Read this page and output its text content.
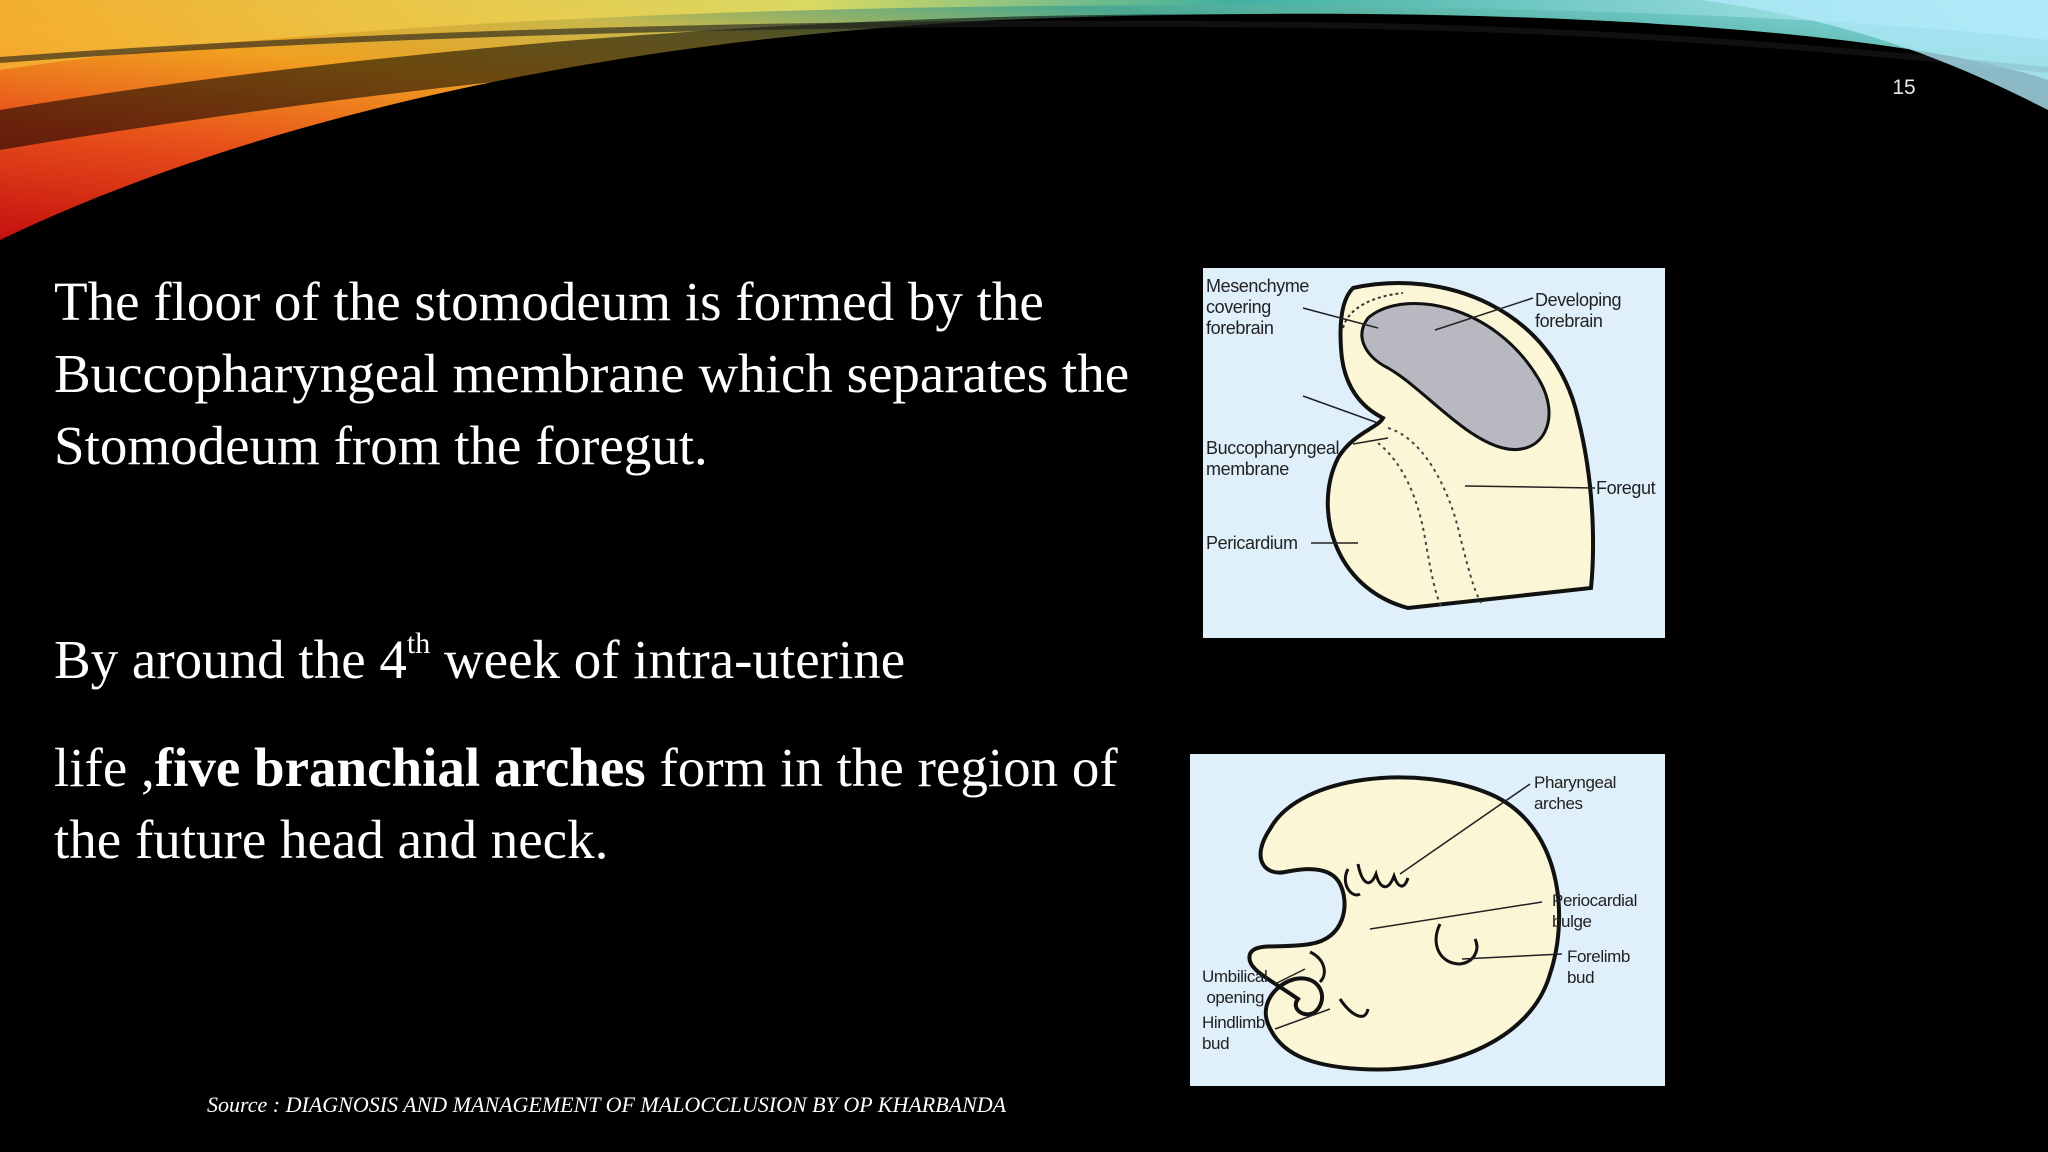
15

The floor of the stomodeum is formed by the Buccopharyngeal membrane which separates the Stomodeum from the foregut.

By around the 4th week of intra-uterine

life ,five branchial arches form in the region of the future head and neck.

Source : DIAGNOSIS AND MANAGEMENT OF MALOCCLUSION BY OP KHARBANDA

Mesenchyme
covering
forebrain

Buccopharyngeal
membrane

Pericardium

Developing
forebrain

Foregut

Pharyngeal
arches

Periocardial
bulge

Forelimb
bud

Umbilical
opening

Hindlimb
bud
